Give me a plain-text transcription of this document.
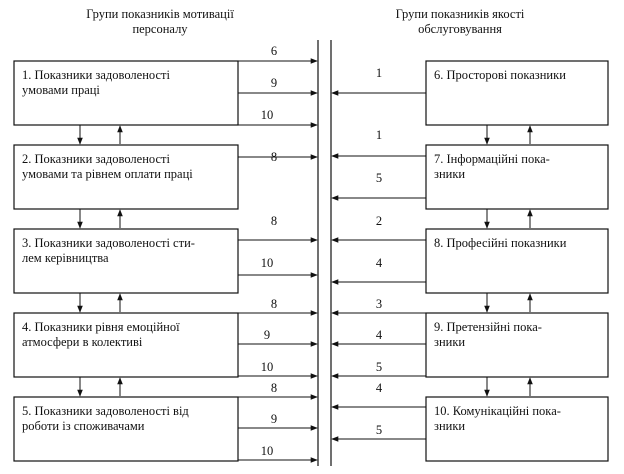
Групи показників мотивації
персоналу
Групи показників якості
обслуговування
1. Показники задоволеності
умовами праці
2. Показники задоволеності
умовами та рівнем оплати праці
3. Показники задоволеності сти-
лем керівництва
4. Показники рівня емоційної
атмосфери в колективі
5. Показники задоволеності від
роботи із споживачами
6. Просторові показники
7. Інформаційні пока-
зники
8. Професійні показники
9. Претензійні пока-
зники
10. Комунікаційні пока-
зники
6
9
10
8
8
10
8
9
10
8
9
10
1
1
5
2
4
3
4
5
4
5
